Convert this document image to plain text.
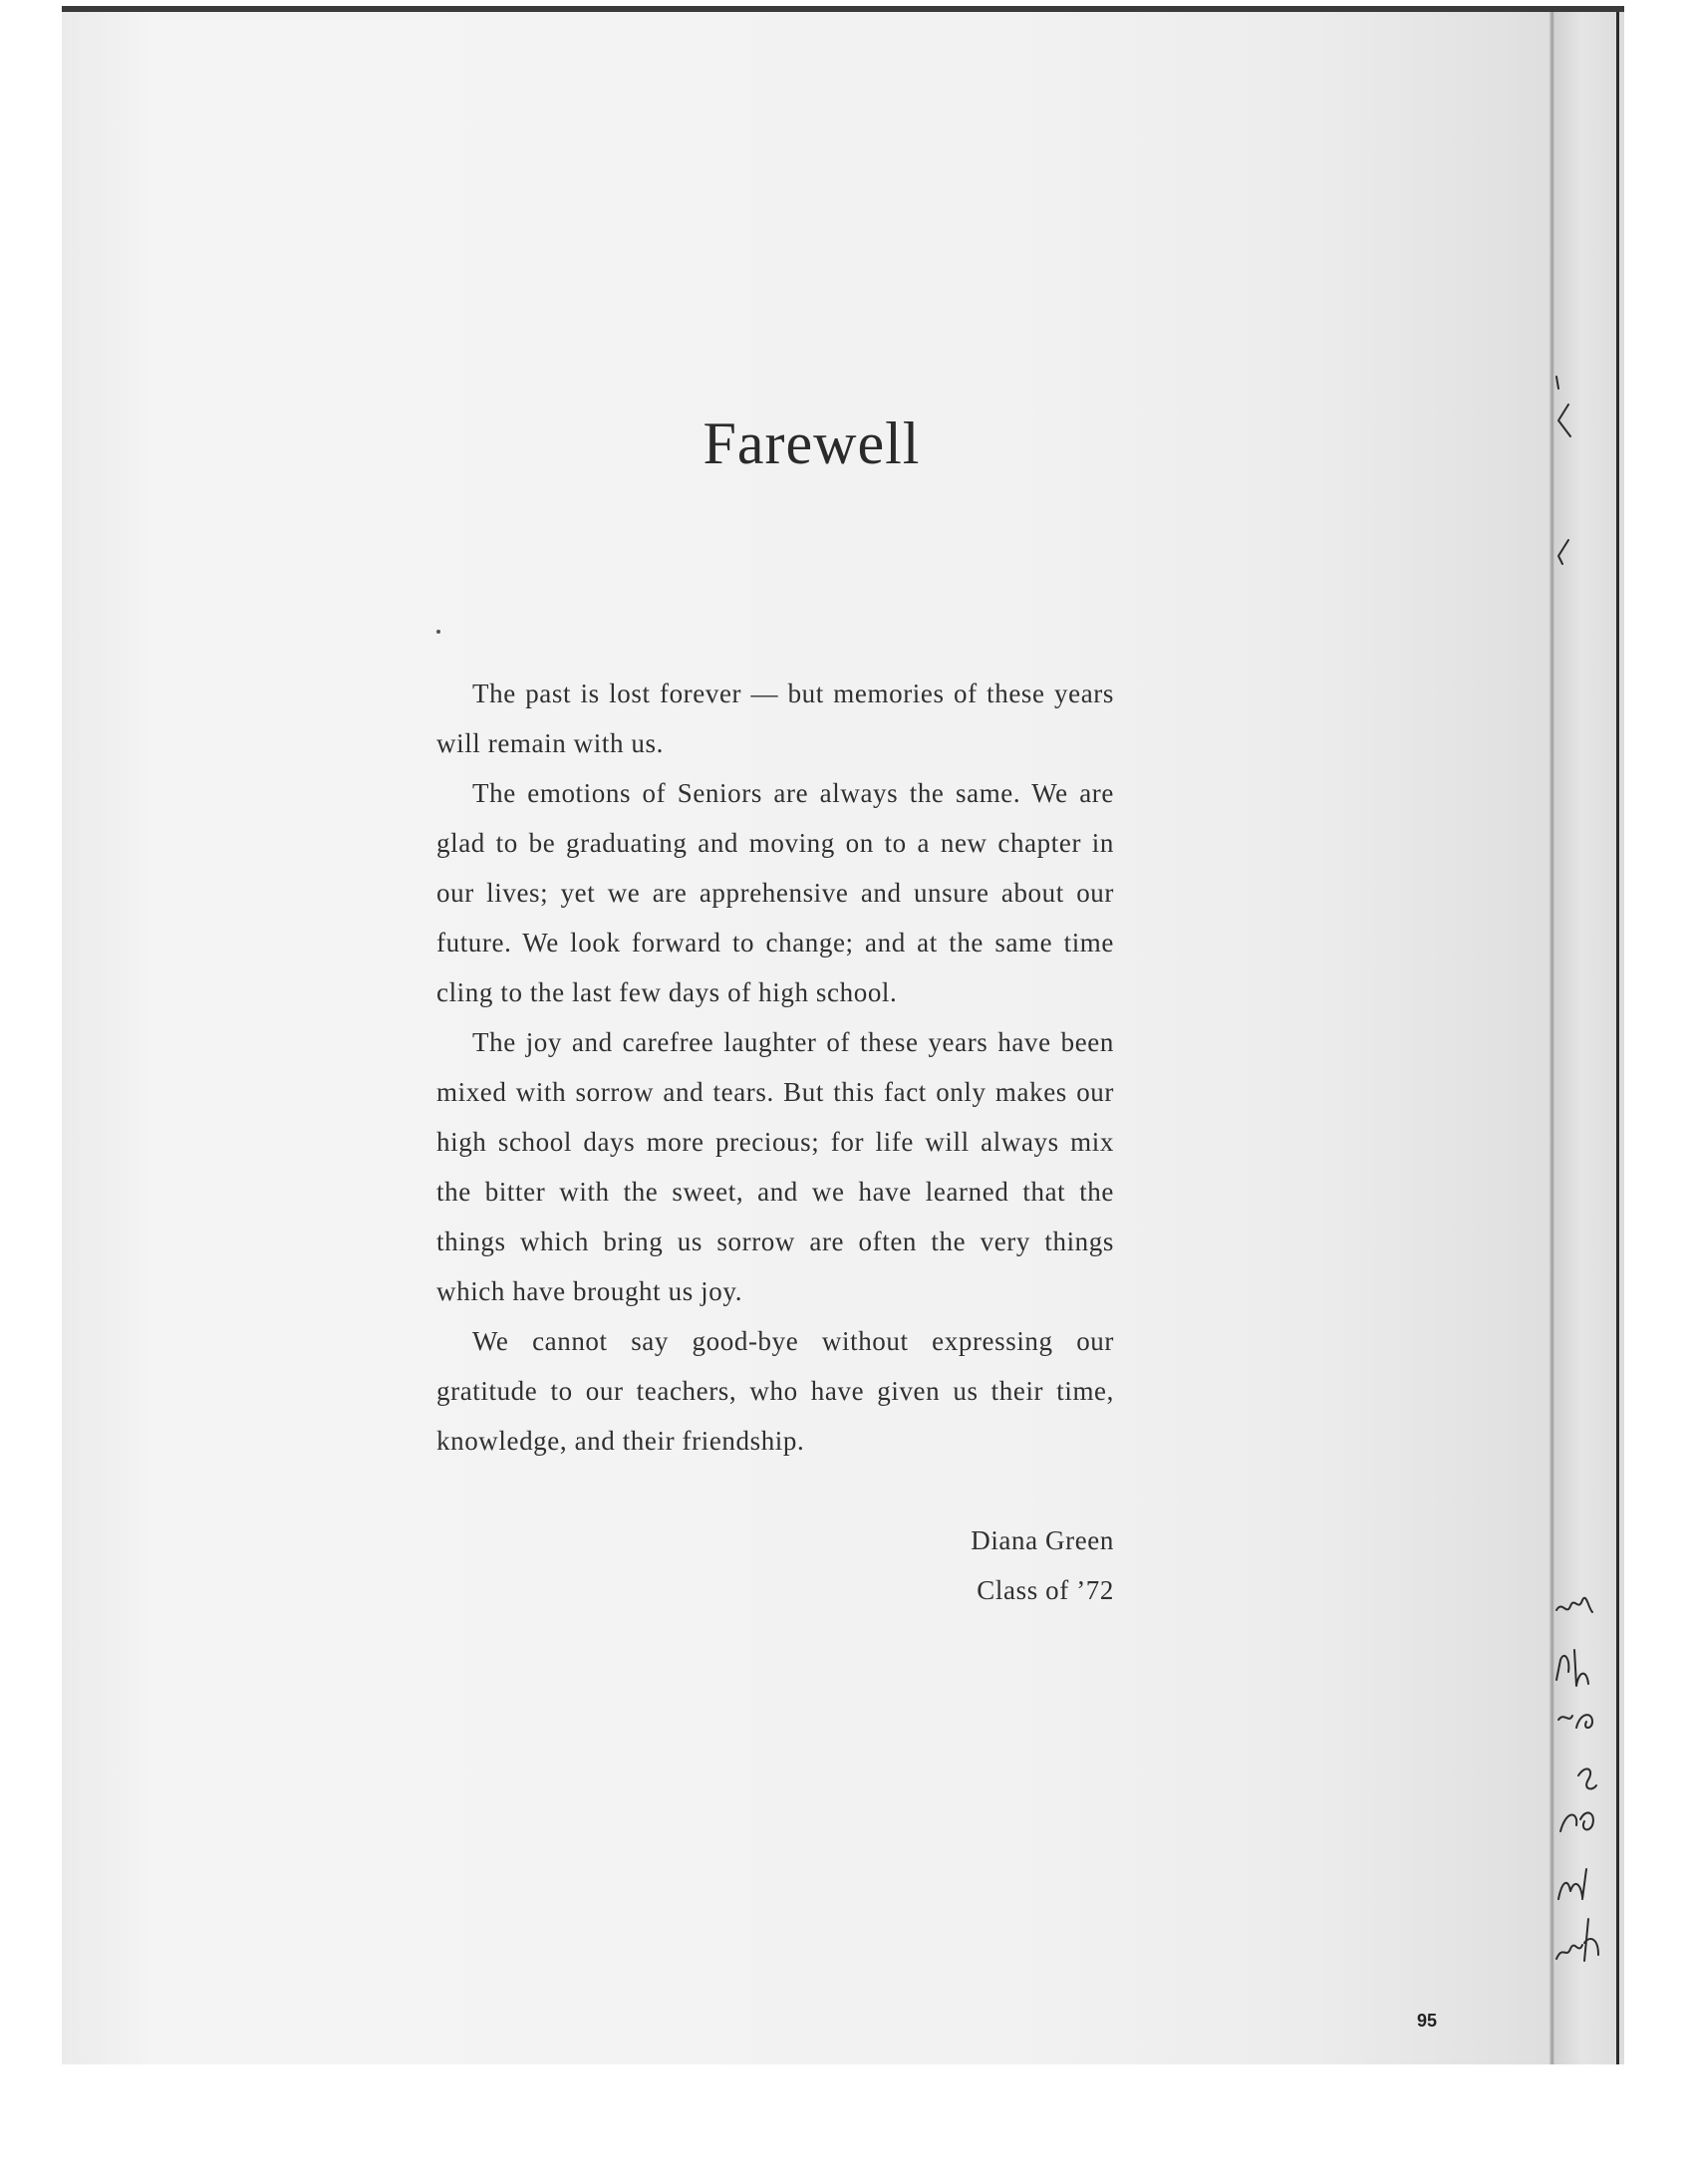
Farewell

The past is lost forever — but memories of these years will remain with us.

The emotions of Seniors are always the same. We are glad to be graduating and moving on to a new chapter in our lives; yet we are apprehensive and unsure about our future. We look forward to change; and at the same time cling to the last few days of high school.

The joy and carefree laughter of these years have been mixed with sorrow and tears. But this fact only makes our high school days more precious; for life will always mix the bitter with the sweet, and we have learned that the things which bring us sorrow are often the very things which have brought us joy.

We cannot say good-bye without expressing our gratitude to our teachers, who have given us their time, knowledge, and their friendship.

Diana Green
Class of ’72
95
